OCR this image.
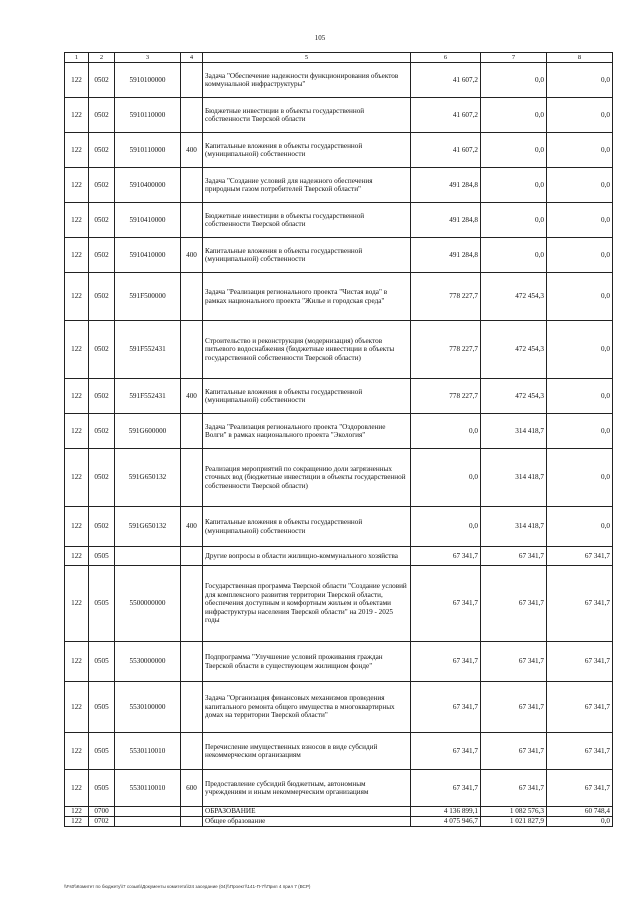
105
1	2	3	4	5	6	7	8
122	0502	5910100000		Задача "Обеспечение надежности функционирования объектов коммунальной инфраструктуры"	41 607,2	0,0	0,0
122	0502	5910110000		Бюджетные инвестиции в объекты государственной собственности Тверской области	41 607,2	0,0	0,0
122	0502	5910110000	400	Капитальные вложения в объекты государственной (муниципальной) собственности	41 607,2	0,0	0,0
122	0502	5910400000		Задача "Создание условий для надежного обеспечения природным газом потребителей Тверской области"	491 284,8	0,0	0,0
122	0502	5910410000		Бюджетные инвестиции в объекты государственной собственности Тверской области	491 284,8	0,0	0,0
122	0502	5910410000	400	Капитальные вложения в объекты государственной (муниципальной) собственности	491 284,8	0,0	0,0
122	0502	591F500000		Задача "Реализация регионального проекта "Чистая вода" в рамках национального проекта "Жилье и городская среда"	778 227,7	472 454,3	0,0
122	0502	591F552431		Строительство и реконструкция (модернизация) объектов питьевого водоснабжения (бюджетные инвестиции в объекты государственной собственности Тверской области)	778 227,7	472 454,3	0,0
122	0502	591F552431	400	Капитальные вложения в объекты государственной (муниципальной) собственности	778 227,7	472 454,3	0,0
122	0502	591G600000		Задача "Реализация регионального проекта "Оздоровление Волги" в рамках национального проекта "Экология"	0,0	314 418,7	0,0
122	0502	591G650132		Реализация мероприятий по сокращению доли загрязненных сточных вод (бюджетные инвестиции в объекты государственной собственности Тверской области)	0,0	314 418,7	0,0
122	0502	591G650132	400	Капитальные вложения в объекты государственной (муниципальной) собственности	0,0	314 418,7	0,0
122	0505			Другие вопросы в области жилищно-коммунального хозяйства	67 341,7	67 341,7	67 341,7
122	0505	5500000000		Государственная программа Тверской области "Создание условий для комплексного развития территории Тверской области, обеспечения доступным и комфортным жильем и объектами инфраструктуры населения Тверской области" на 2019 - 2025 годы	67 341,7	67 341,7	67 341,7
122	0505	5530000000		Подпрограмма "Улучшение условий проживания граждан Тверской области в существующем жилищном фонде"	67 341,7	67 341,7	67 341,7
122	0505	5530100000		Задача "Организация финансовых механизмов проведения капитального ремонта общего имущества в многоквартирных домах на территории Тверской области"	67 341,7	67 341,7	67 341,7
122	0505	5530110010		Перечисление имущественных взносов в виде субсидий некоммерческим организациям	67 341,7	67 341,7	67 341,7
122	0505	5530110010	600	Предоставление субсидий бюджетным, автономным учреждениям и иным некоммерческим организациям	67 341,7	67 341,7	67 341,7
122	0700			ОБРАЗОВАНИЕ	4 136 899,1	1 082 576,3	60 748,4
122	0702			Общее образование	4 075 946,7	1 021 827,9	0,0
\\Fs0\\Комитет по бюджету\\7 созыв\\Документы комитета\\24 заседание (04)\\Проект\\141-П-7\\Прил 4 прил 7 (ВСР)
